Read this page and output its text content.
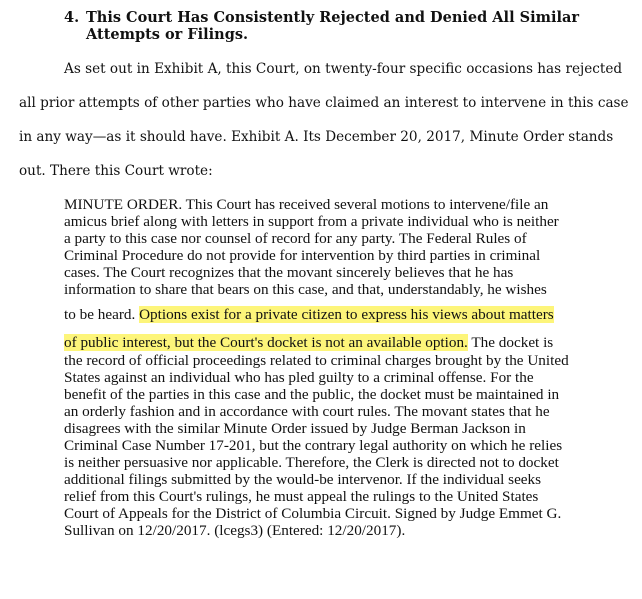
4. This Court Has Consistently Rejected and Denied All Similar
Attempts or Filings.
As set out in Exhibit A, this Court, on twenty-four specific occasions has rejected
all prior attempts of other parties who have claimed an interest to intervene in this case
in any way—as it should have. Exhibit A. Its December 20, 2017, Minute Order stands
out. There this Court wrote:
MINUTE ORDER. This Court has received several motions to intervene/file an
amicus brief along with letters in support from a private individual who is neither
a party to this case nor counsel of record for any party. The Federal Rules of
Criminal Procedure do not provide for intervention by third parties in criminal
cases. The Court recognizes that the movant sincerely believes that he has
information to share that bears on this case, and that, understandably, he wishes
to be heard. Options exist for a private citizen to express his views about matters
of public interest, but the Court's docket is not an available option. The docket is
the record of official proceedings related to criminal charges brought by the United
States against an individual who has pled guilty to a criminal offense. For the
benefit of the parties in this case and the public, the docket must be maintained in
an orderly fashion and in accordance with court rules. The movant states that he
disagrees with the similar Minute Order issued by Judge Berman Jackson in
Criminal Case Number 17-201, but the contrary legal authority on which he relies
is neither persuasive nor applicable. Therefore, the Clerk is directed not to docket
additional filings submitted by the would-be intervenor. If the individual seeks
relief from this Court's rulings, he must appeal the rulings to the United States
Court of Appeals for the District of Columbia Circuit. Signed by Judge Emmet G.
Sullivan on 12/20/2017. (lcegs3) (Entered: 12/20/2017).
